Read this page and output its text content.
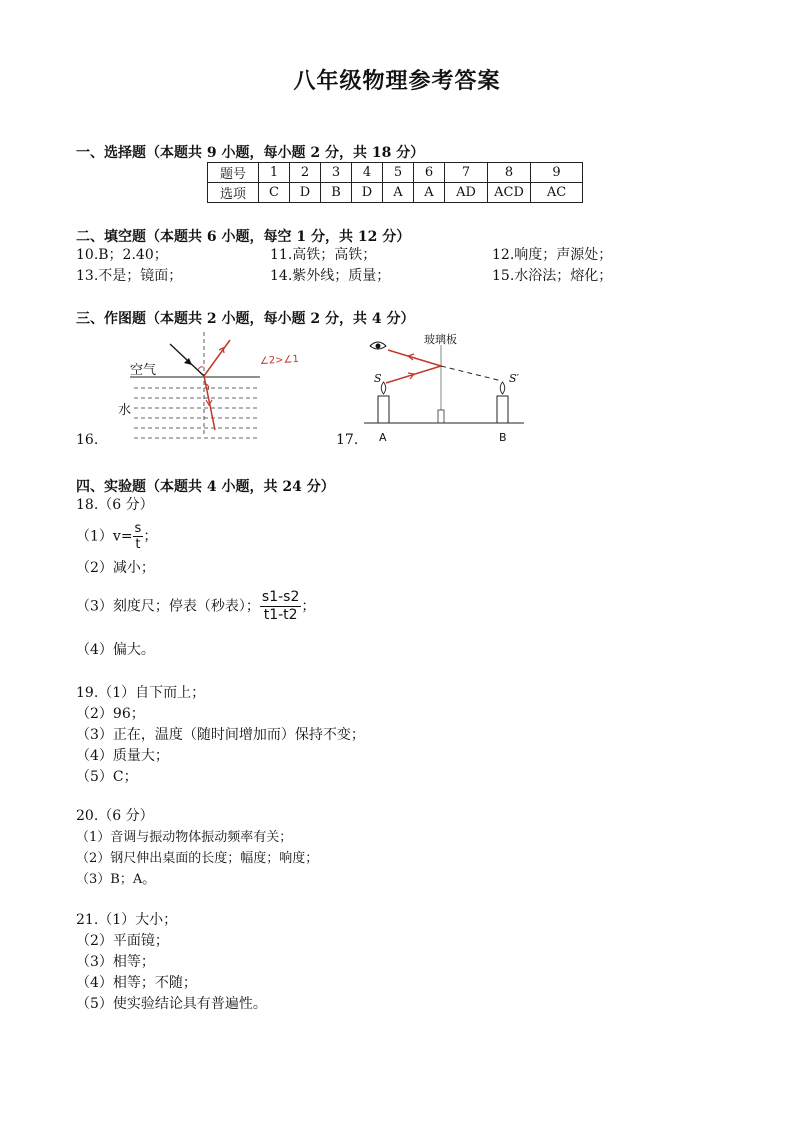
八年级物理参考答案
一、选择题（本题共 9 小题，每小题 2 分，共 18 分）
题号	1	2	3	4	5	6	7	8	9
选项	C	D	B	D	A	A	AD	ACD	AC
二、填空题（本题共 6 小题，每空 1 分，共 12 分）
10.B；2.40；	11.高铁；高铁；	12.响度；声源处；
13.不是；镜面；	14.紫外线；质量；	15.水浴法；熔化；
三、作图题（本题共 2 小题，每小题 2 分，共 4 分）
16.	17.
空气
水
∠2>∠1
玻璃板
S
A
S′
B
四、实验题（本题共 4 小题，共 24 分）
18.（6 分）
$(1)v= \frac{s}{t}$ ；
（2）减小；
（3）刻度尺；停表（秒表）； $\frac{s1-s2}{t1-t2}$ ；
（4）偏大。
19.（1）自下而上；
（2）96；
（3）正在，温度（随时间增加而）保持不变；
（4）质量大；
（5）C；
20.（6 分）
（1）音调与振动物体振动频率有关；
（2）钢尺伸出桌面的长度；幅度；响度；
（3）B；A。
21.（1）大小；
（2）平面镜；
（3）相等；
（4）相等；不随；
（5）使实验结论具有普遍性。
